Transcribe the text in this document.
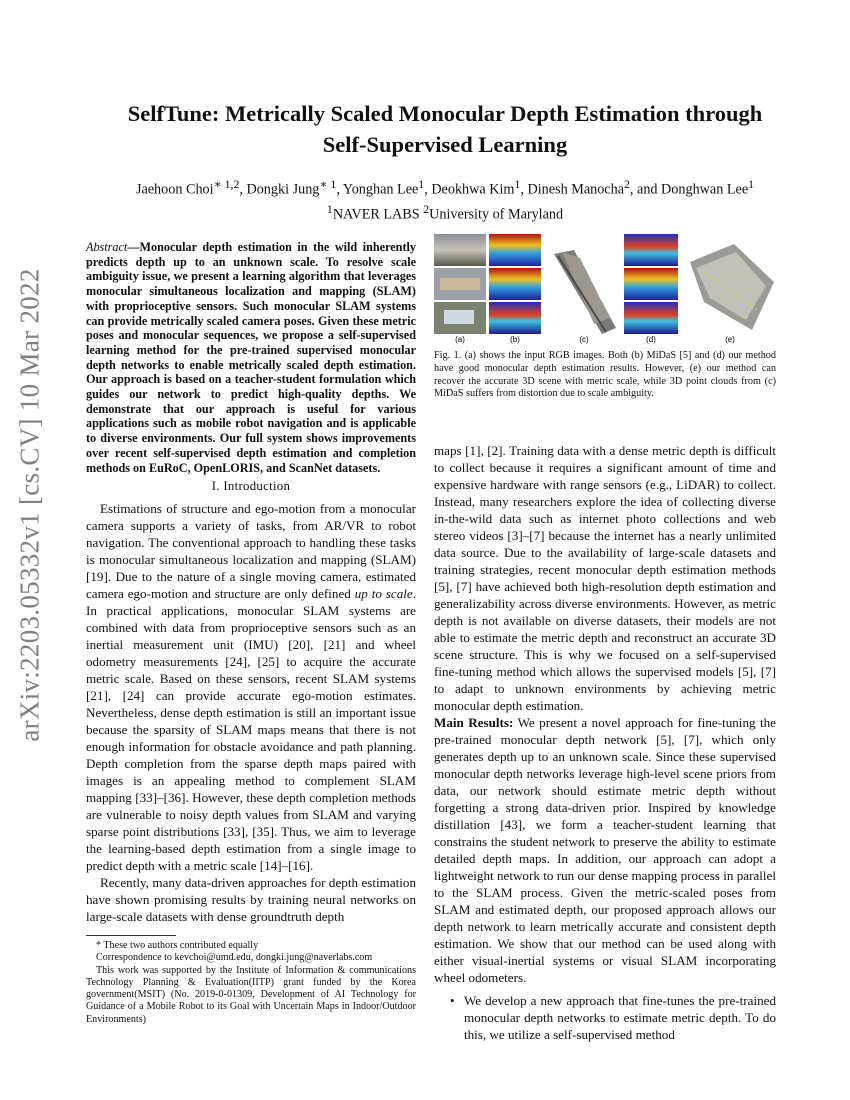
arXiv:2203.05332v1 [cs.CV] 10 Mar 2022
SelfTune: Metrically Scaled Monocular Depth Estimation through
Self-Supervised Learning
Jaehoon Choi$^{∗ 1,2}$, Dongki Jung$^{∗ 1}$, Yonghan Lee$^1$, Deokhwa Kim$^1$, Dinesh Manocha$^2$, and Donghwan Lee$^1$
$^1$NAVER LABS $^2$University of Maryland
Abstract—Monocular depth estimation in the wild inherently predicts depth up to an unknown scale. To resolve scale ambiguity issue, we present a learning algorithm that leverages monocular simultaneous localization and mapping (SLAM) with proprioceptive sensors. Such monocular SLAM systems can provide metrically scaled camera poses. Given these metric poses and monocular sequences, we propose a self-supervised learning method for the pre-trained supervised monocular depth networks to enable metrically scaled depth estimation. Our approach is based on a teacher-student formulation which guides our network to predict high-quality depths. We demonstrate that our approach is useful for various applications such as mobile robot navigation and is applicable to diverse environments. Our full system shows improvements over recent self-supervised depth estimation and completion methods on EuRoC, OpenLORIS, and ScanNet datasets.
I. Introduction

Estimations of structure and ego-motion from a monocular camera supports a variety of tasks, from AR/VR to robot navigation. The conventional approach to handling these tasks is monocular simultaneous localization and mapping (SLAM) [19]. Due to the nature of a single moving camera, estimated camera ego-motion and structure are only defined up to scale. In practical applications, monocular SLAM systems are combined with data from proprioceptive sensors such as an inertial measurement unit (IMU) [20], [21] and wheel odometry measurements [24], [25] to acquire the accurate metric scale. Based on these sensors, recent SLAM systems [21], [24] can provide accurate ego-motion estimates. Nevertheless, dense depth estimation is still an important issue because the sparsity of SLAM maps means that there is not enough information for obstacle avoidance and path planning. Depth completion from the sparse depth maps paired with images is an appealing method to complement SLAM mapping [33]–[36]. However, these depth completion methods are vulnerable to noisy depth values from SLAM and varying sparse point distributions [33], [35]. Thus, we aim to leverage the learning-based depth estimation from a single image to predict depth with a metric scale [14]–[16].

Recently, many data-driven approaches for depth estimation have shown promising results by training neural networks on large-scale datasets with dense groundtruth depth

* These two authors contributed equally

Correspondence to kevchoi@umd.edu, dongki.jung@naverlabs.com

This work was supported by the Institute of Information & communications Technology Planning & Evaluation(IITP) grant funded by the Korea government(MSIT) (No. 2019-0-01309, Development of AI Technology for Guidance of a Mobile Robot to its Goal with Uncertain Maps in Indoor/Outdoor Environments)

(a)	(b)	(c)	(d)	(e)
Fig. 1. (a) shows the input RGB images. Both (b) MiDaS [5] and (d) our method have good monocular depth estimation results. However, (e) our method can recover the accurate 3D scene with metric scale, while 3D point clouds from (c) MiDaS suffers from distortion due to scale ambiguity.

maps [1], [2]. Training data with a dense metric depth is difficult to collect because it requires a significant amount of time and expensive hardware with range sensors (e.g., LiDAR) to collect. Instead, many researchers explore the idea of collecting diverse in-the-wild data such as internet photo collections and web stereo videos [3]–[7] because the internet has a nearly unlimited data source. Due to the availability of large-scale datasets and training strategies, recent monocular depth estimation methods [5], [7] have achieved both high-resolution depth estimation and generalizability across diverse environments. However, as metric depth is not available on diverse datasets, their models are not able to estimate the metric depth and reconstruct an accurate 3D scene structure. This is why we focused on a self-supervised fine-tuning method which allows the supervised models [5], [7] to adapt to unknown environments by achieving metric monocular depth estimation.

Main Results: We present a novel approach for fine-tuning the pre-trained monocular depth network [5], [7], which only generates depth up to an unknown scale. Since these supervised monocular depth networks leverage high-level scene priors from data, our network should estimate metric depth without forgetting a strong data-driven prior. Inspired by knowledge distillation [43], we form a teacher-student learning that constrains the student network to preserve the ability to estimate detailed depth maps. In addition, our approach can adopt a lightweight network to run our dense mapping process in parallel to the SLAM process. Given the metric-scaled poses from SLAM and estimated depth, our proposed approach allows our depth network to learn metrically accurate and consistent depth estimation. We show that our method can be used along with either visual-inertial systems or visual SLAM incorporating wheel odometers.

• We develop a new approach that fine-tunes the pre-trained monocular depth networks to estimate metric depth. To do this, we utilize a self-supervised method
